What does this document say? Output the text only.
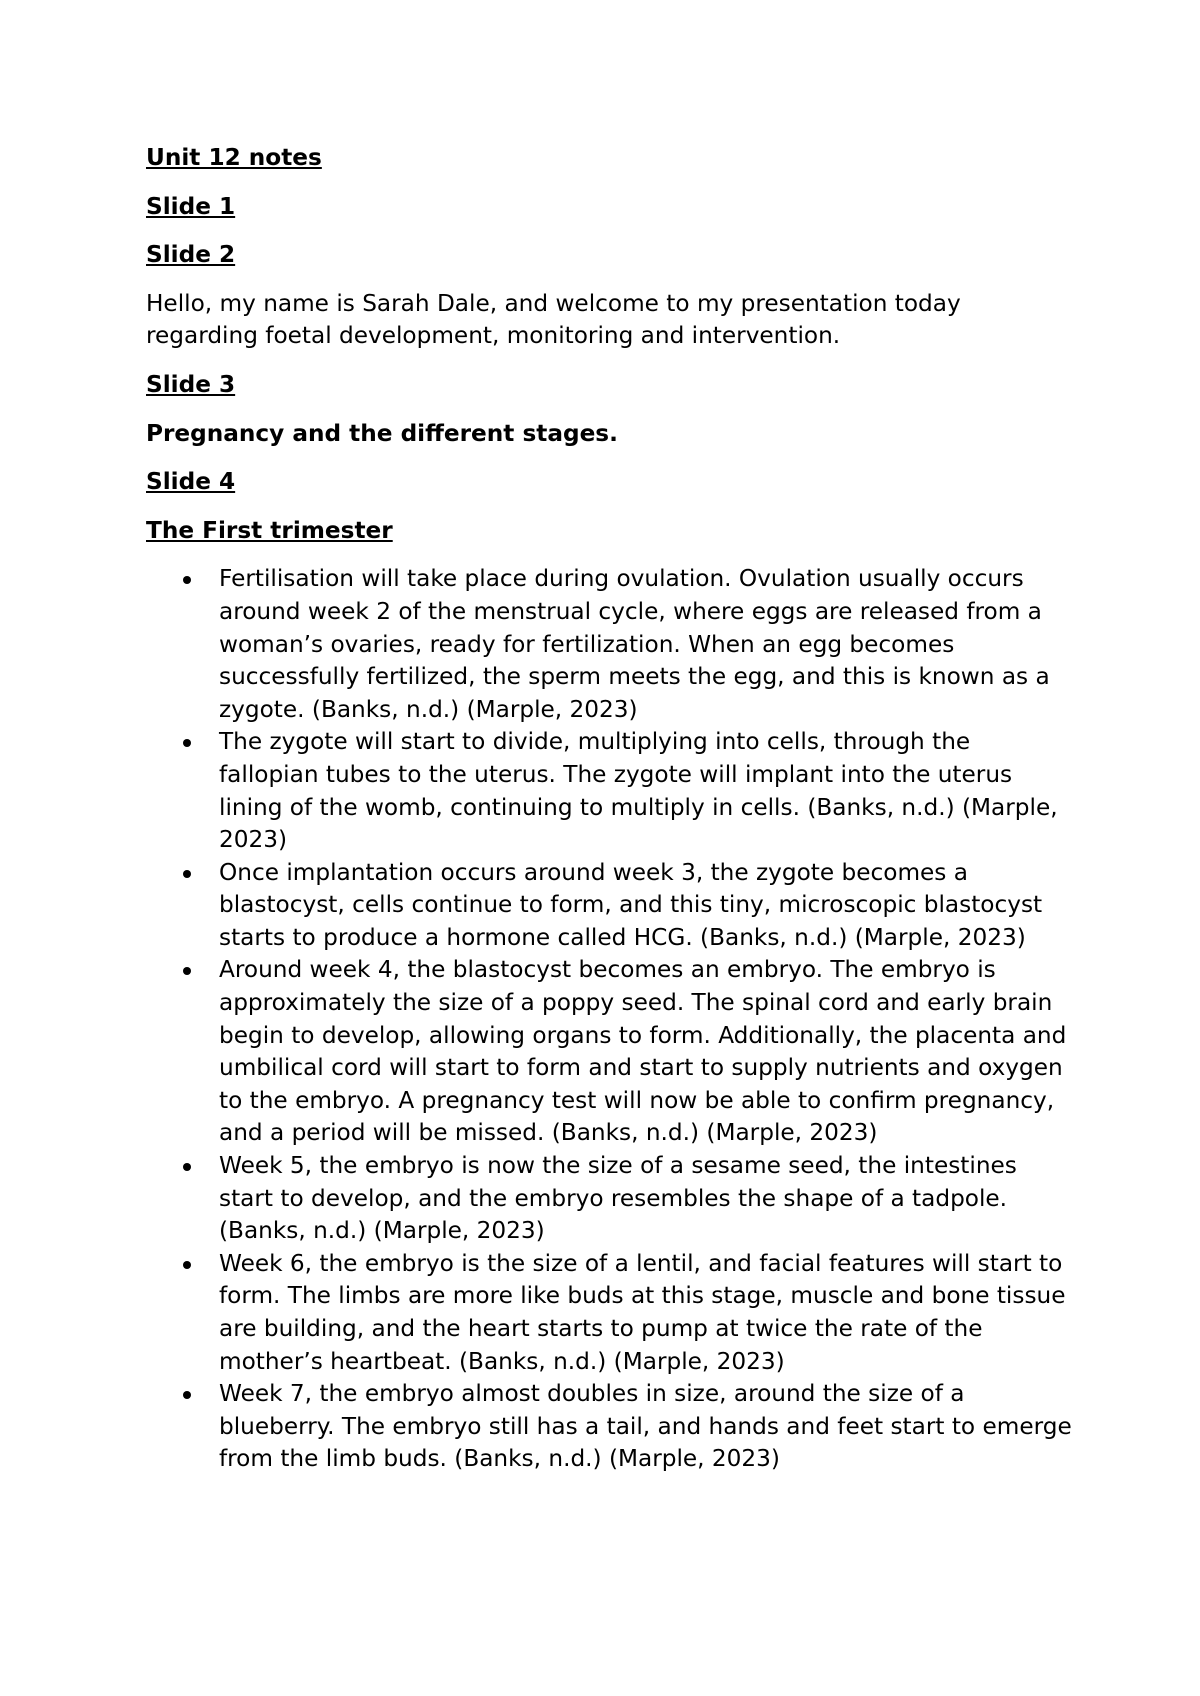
Unit 12 notes
Slide 1
Slide 2
Hello, my name is Sarah Dale, and welcome to my presentation today regarding foetal development, monitoring and intervention.
Slide 3
Pregnancy and the different stages.
Slide 4
The First trimester
Fertilisation will take place during ovulation. Ovulation usually occurs around week 2 of the menstrual cycle, where eggs are released from a woman’s ovaries, ready for fertilization. When an egg becomes successfully fertilized, the sperm meets the egg, and this is known as a zygote. (Banks, n.d.) (Marple, 2023)
The zygote will start to divide, multiplying into cells, through the fallopian tubes to the uterus. The zygote will implant into the uterus lining of the womb, continuing to multiply in cells. (Banks, n.d.) (Marple, 2023)
Once implantation occurs around week 3, the zygote becomes a blastocyst, cells continue to form, and this tiny, microscopic blastocyst starts to produce a hormone called HCG. (Banks, n.d.) (Marple, 2023)
Around week 4, the blastocyst becomes an embryo. The embryo is approximately the size of a poppy seed. The spinal cord and early brain begin to develop, allowing organs to form. Additionally, the placenta and umbilical cord will start to form and start to supply nutrients and oxygen to the embryo. A pregnancy test will now be able to confirm pregnancy, and a period will be missed. (Banks, n.d.) (Marple, 2023)
Week 5, the embryo is now the size of a sesame seed, the intestines start to develop, and the embryo resembles the shape of a tadpole. (Banks, n.d.) (Marple, 2023)
Week 6, the embryo is the size of a lentil, and facial features will start to form. The limbs are more like buds at this stage, muscle and bone tissue are building, and the heart starts to pump at twice the rate of the mother’s heartbeat. (Banks, n.d.) (Marple, 2023)
Week 7, the embryo almost doubles in size, around the size of a blueberry. The embryo still has a tail, and hands and feet start to emerge from the limb buds. (Banks, n.d.) (Marple, 2023)
